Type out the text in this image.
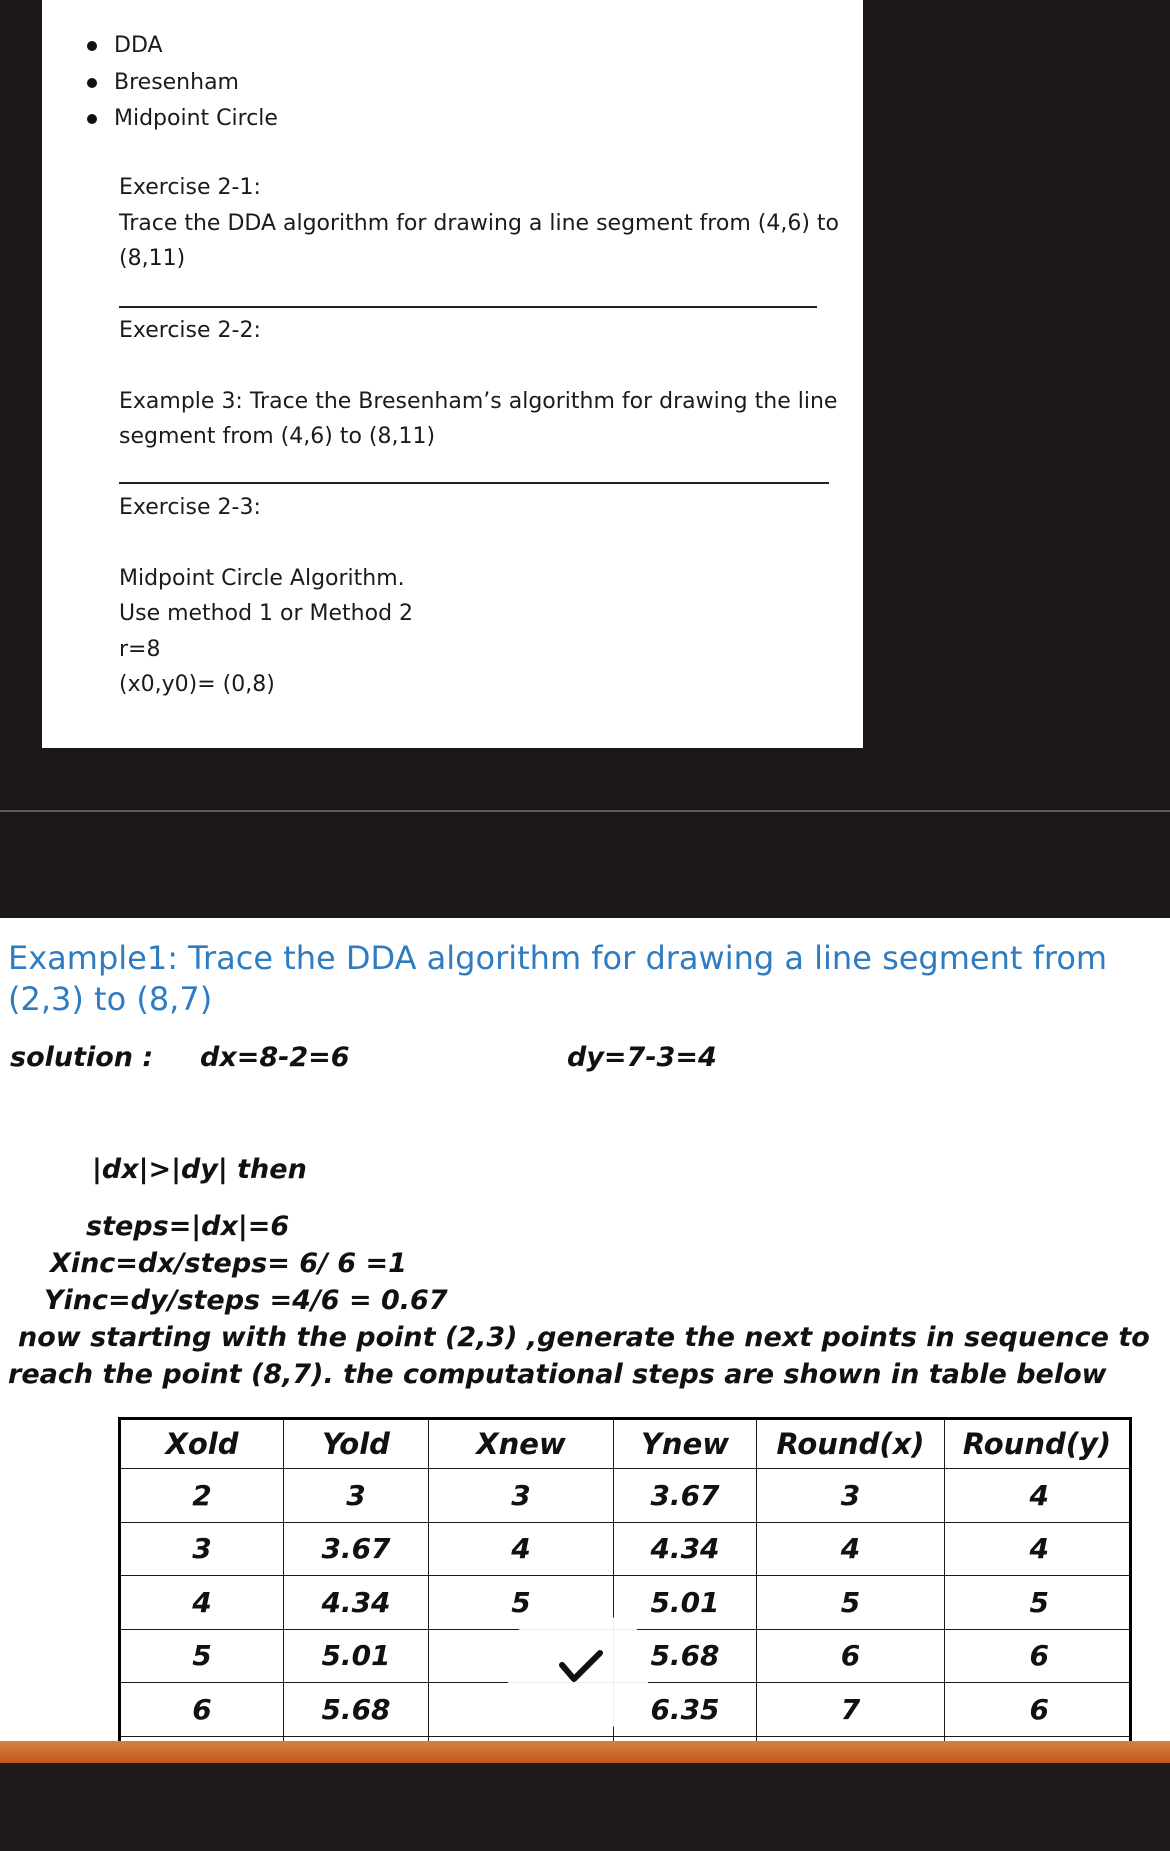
DDA
Bresenham
Midpoint Circle
Exercise 2-1:
Trace the DDA algorithm for drawing a line segment from (4,6) to
(8,11)
Exercise 2-2:
Example 3: Trace the Bresenham’s algorithm for drawing the line
segment from (4,6) to (8,11)
Exercise 2-3:
Midpoint Circle Algorithm.
Use method 1 or Method 2
r=8
(x0,y0)= (0,8)
Example1: Trace the DDA algorithm for drawing a line segment from (2,3) to (8,7)
solution : dx=8-2=6	dy=7-3=4
|dx|>|dy| then
steps=|dx|=6
Xinc=dx/steps= 6/ 6 =1
Yinc=dy/steps =4/6 = 0.67
now starting with the point (2,3) ,generate the next points in sequence to
reach the point (8,7). the computational steps are shown in table below
Xold	Yold	Xnew	Ynew	Round(x)	Round(y)
2	3	3	3.67	3	4
3	3.67	4	4.34	4	4
4	4.34	5	5.01	5	5
5	5.01		5.68	6	6
6	5.68		6.35	7	6
